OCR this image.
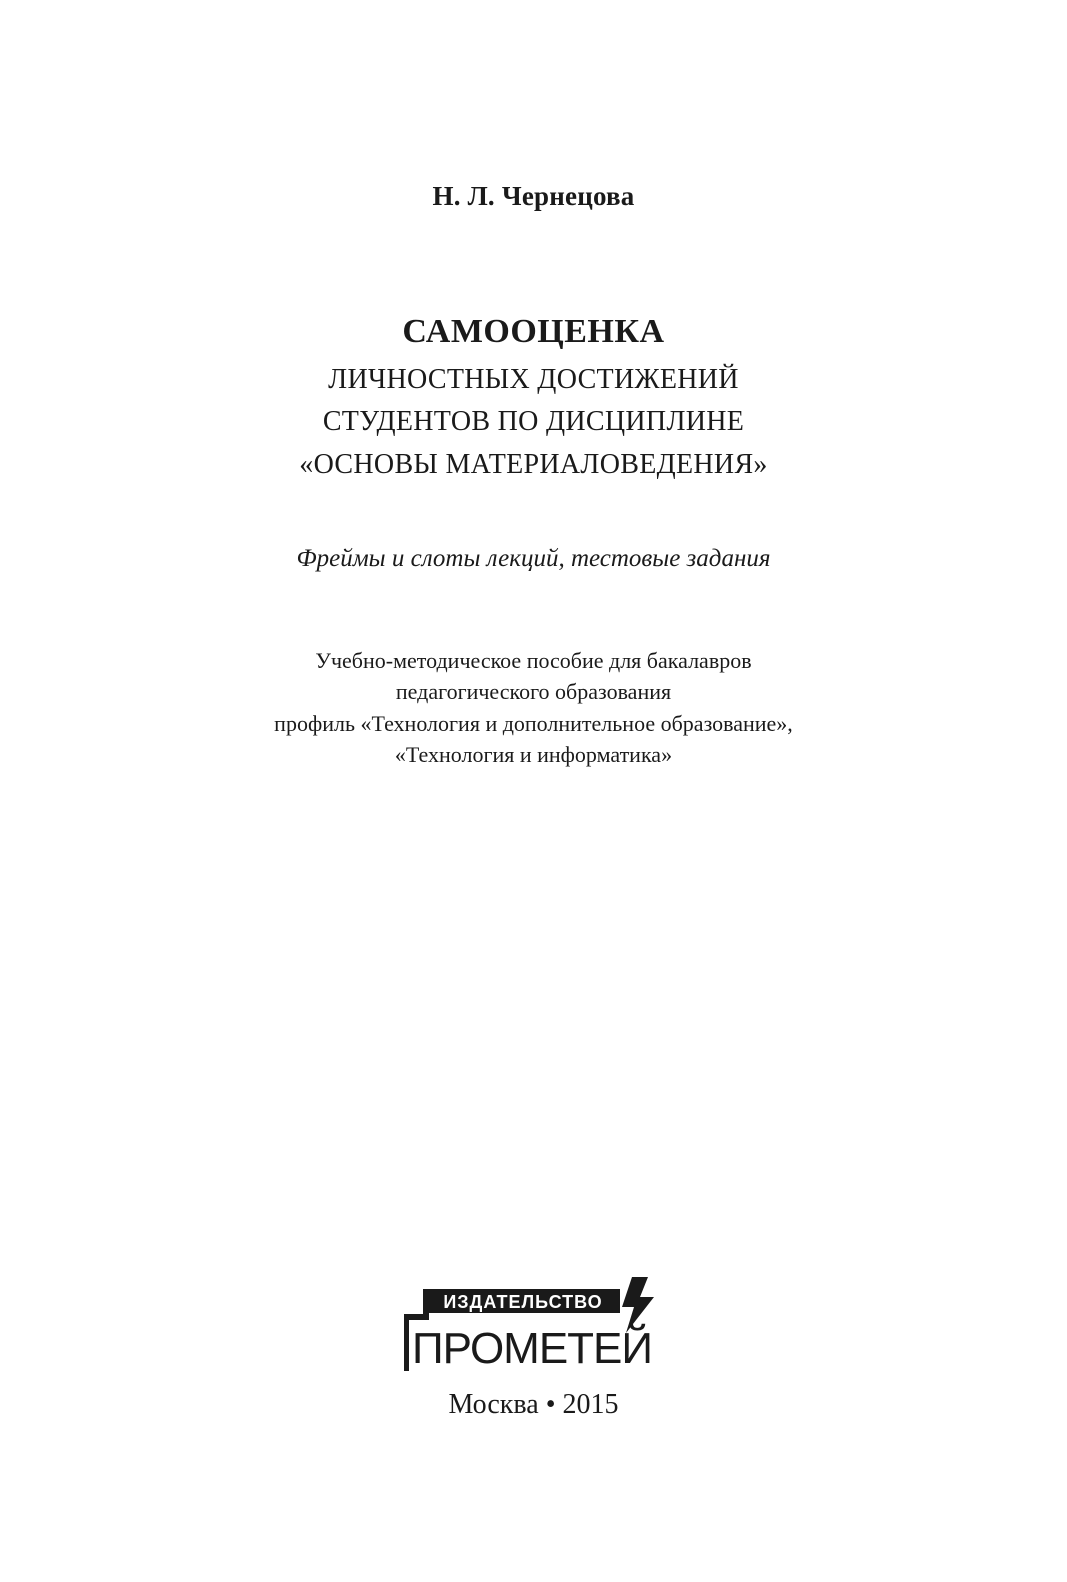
Н. Л. Чернецова
САМООЦЕНКА
ЛИЧНОСТНЫХ ДОСТИЖЕНИЙ
СТУДЕНТОВ ПО ДИСЦИПЛИНЕ
«ОСНОВЫ МАТЕРИАЛОВЕДЕНИЯ»
Фреймы и слоты лекций, тестовые задания
Учебно-методическое пособие для бакалавров
педагогического образования
профиль «Технология и дополнительное образование»,
«Технология и информатика»
ИЗДАТЕЛЬСТВО
ПРОМЕТЕЙ
Москва • 2015
